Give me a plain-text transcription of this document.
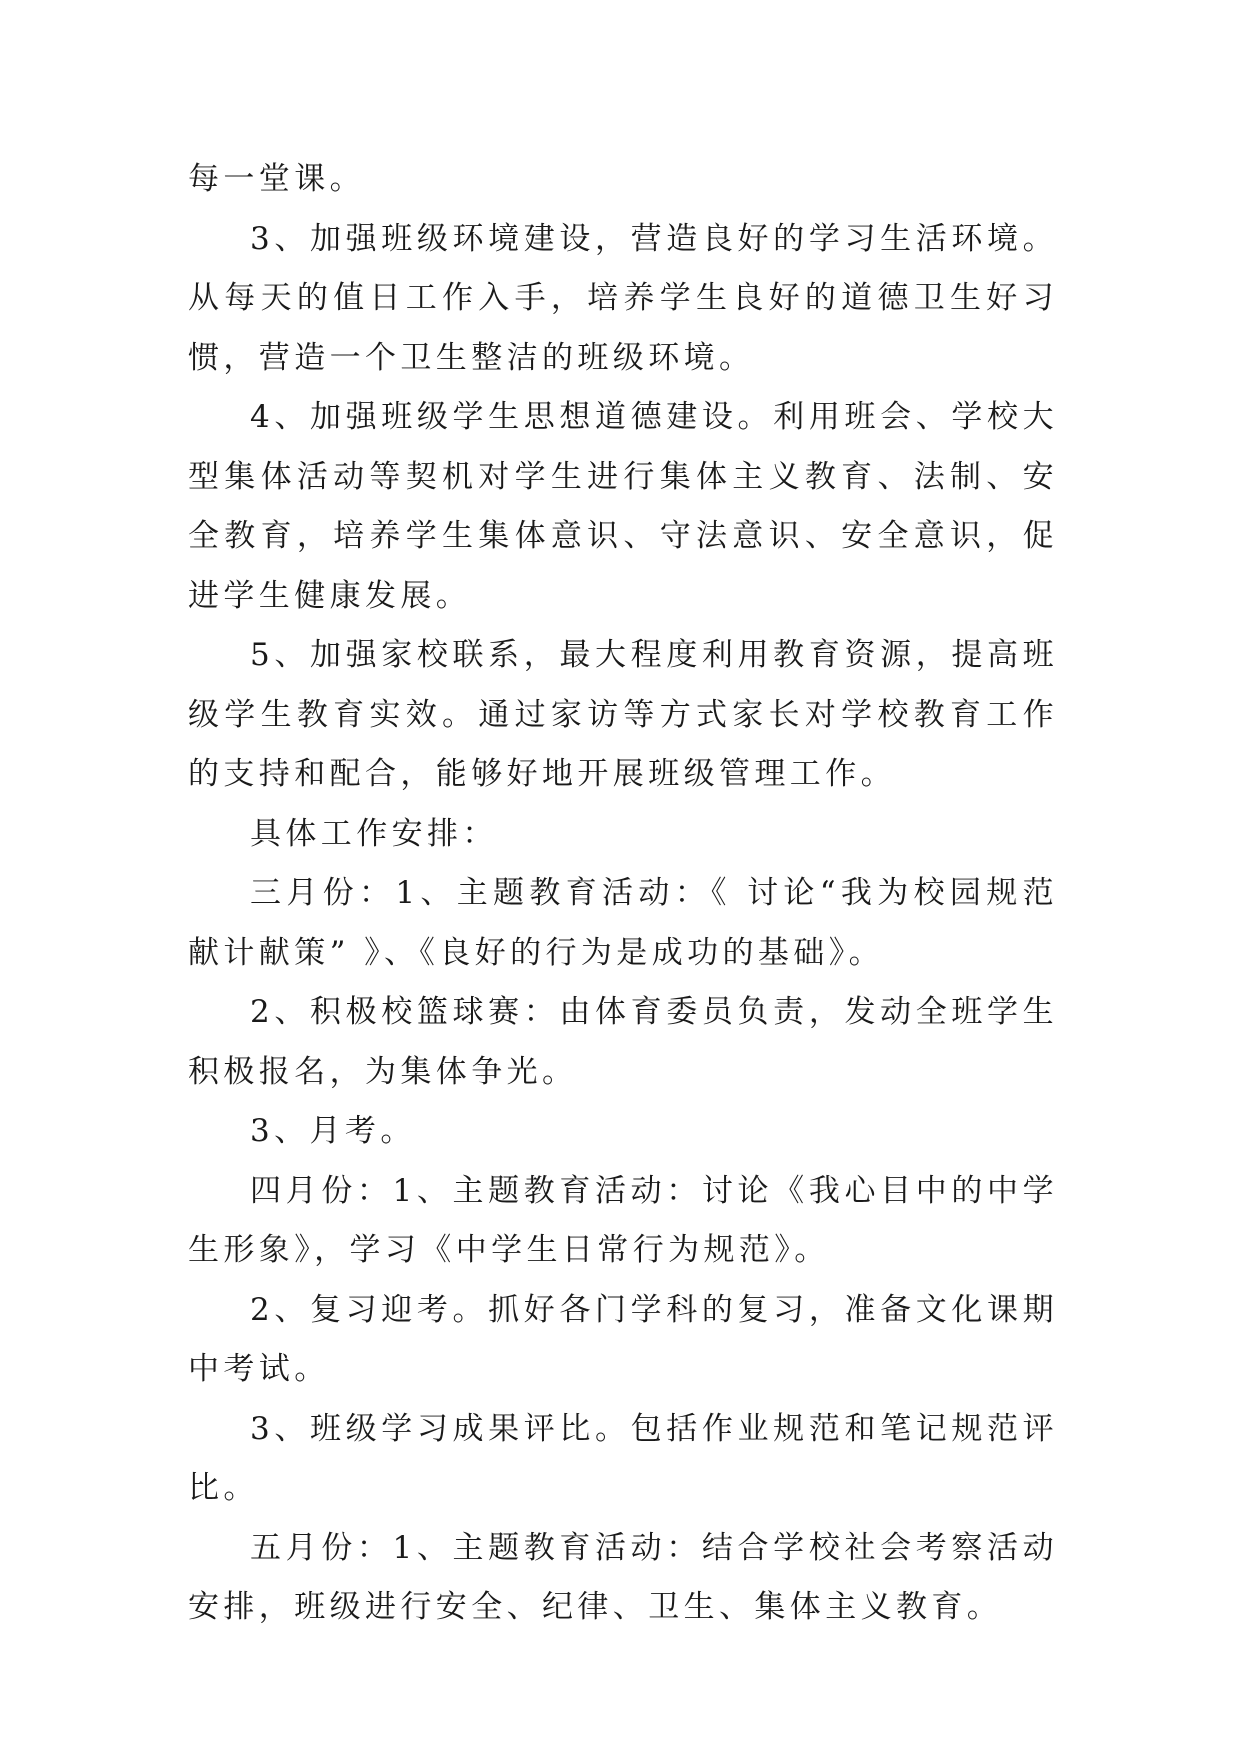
每一堂课。

3、加强班级环境建设，营造良好的学习生活环境。从每天的值日工作入手，培养学生良好的道德卫生好习惯，营造一个卫生整洁的班级环境。

4、加强班级学生思想道德建设。利用班会、学校大型集体活动等契机对学生进行集体主义教育、法制、安全教育，培养学生集体意识、守法意识、安全意识，促进学生健康发展。

5、加强家校联系，最大程度利用教育资源，提高班级学生教育实效。通过家访等方式家长对学校教育工作的支持和配合，能够好地开展班级管理工作。

具体工作安排：

三月份：1、主题教育活动：《 讨论“我为校园规范献计献策” 》、《良好的行为是成功的基础》。

2、积极校篮球赛：由体育委员负责，发动全班学生积极报名，为集体争光。

3、月考。

四月份：1、主题教育活动：讨论《我心目中的中学生形象》，学习《中学生日常行为规范》。

2、复习迎考。抓好各门学科的复习，准备文化课期中考试。

3、班级学习成果评比。包括作业规范和笔记规范评比。

五月份：1、主题教育活动：结合学校社会考察活动安排，班级进行安全、纪律、卫生、集体主义教育。
